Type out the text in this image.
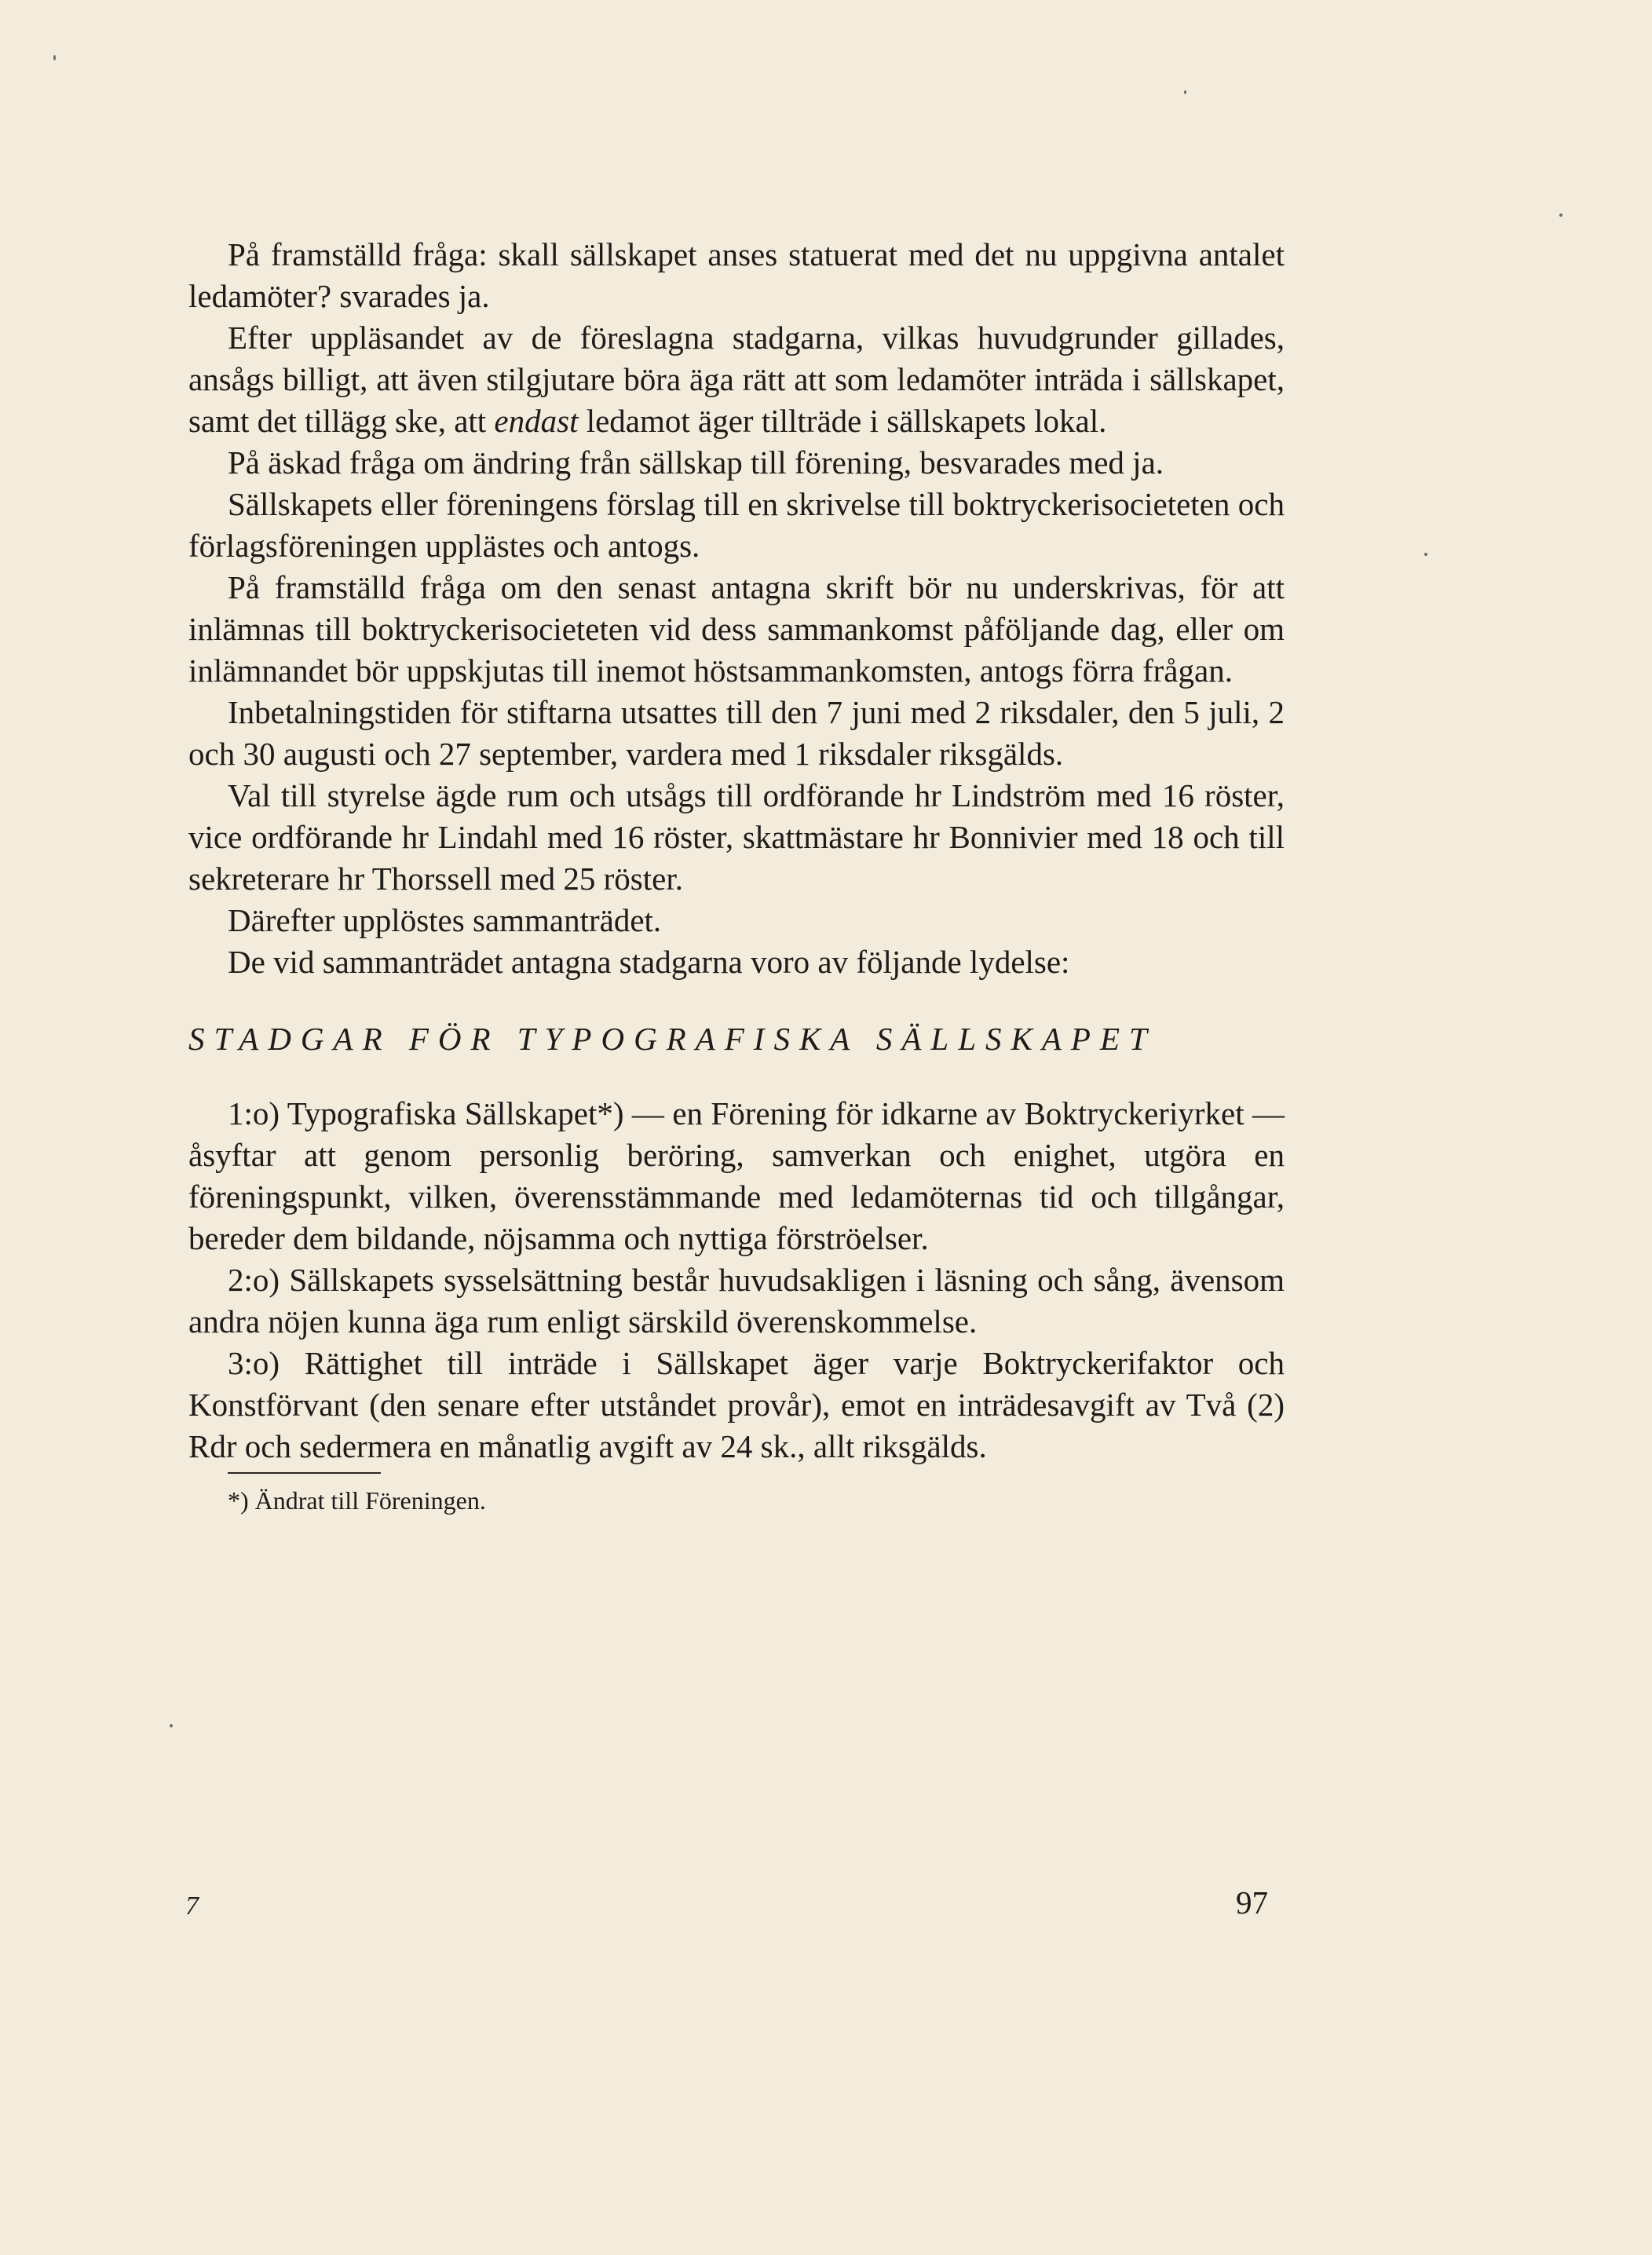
På framställd fråga: skall sällskapet anses statuerat med det nu uppgivna antalet ledamöter? svarades ja.

Efter uppläsandet av de föreslagna stadgarna, vilkas huvudgrunder gillades, ansågs billigt, att även stilgjutare böra äga rätt att som ledamöter inträda i sällskapet, samt det tillägg ske, att endast ledamot äger tillträde i sällskapets lokal.

På äskad fråga om ändring från sällskap till förening, besvarades med ja.

Sällskapets eller föreningens förslag till en skrivelse till boktryckerisocieteten och förlagsföreningen upplästes och antogs.

På framställd fråga om den senast antagna skrift bör nu underskrivas, för att inlämnas till boktryckerisocieteten vid dess sammankomst påföljande dag, eller om inlämnandet bör uppskjutas till inemot höstsammankomsten, antogs förra frågan.

Inbetalningstiden för stiftarna utsattes till den 7 juni med 2 riksdaler, den 5 juli, 2 och 30 augusti och 27 september, vardera med 1 riksdaler riksgälds.

Val till styrelse ägde rum och utsågs till ordförande hr Lindström med 16 röster, vice ordförande hr Lindahl med 16 röster, skattmästare hr Bonnivier med 18 och till sekreterare hr Thorssell med 25 röster.

Därefter upplöstes sammanträdet.

De vid sammanträdet antagna stadgarna voro av följande lydelse:

STADGAR FÖR TYPOGRAFISKA SÄLLSKAPET

1:o) Typografiska Sällskapet*) — en Förening för idkarne av Boktryckeriyrket — åsyftar att genom personlig beröring, samverkan och enighet, utgöra en föreningspunkt, vilken, överensstämmande med ledamöternas tid och tillgångar, bereder dem bildande, nöjsamma och nyttiga förströelser.

2:o) Sällskapets sysselsättning består huvudsakligen i läsning och sång, ävensom andra nöjen kunna äga rum enligt särskild överenskommelse.

3:o) Rättighet till inträde i Sällskapet äger varje Boktryckerifaktor och Konstförvant (den senare efter utståndet provår), emot en inträdesavgift av Två (2) Rdr och sedermera en månatlig avgift av 24 sk., allt riksgälds.

*) Ändrat till Föreningen.

7	97
